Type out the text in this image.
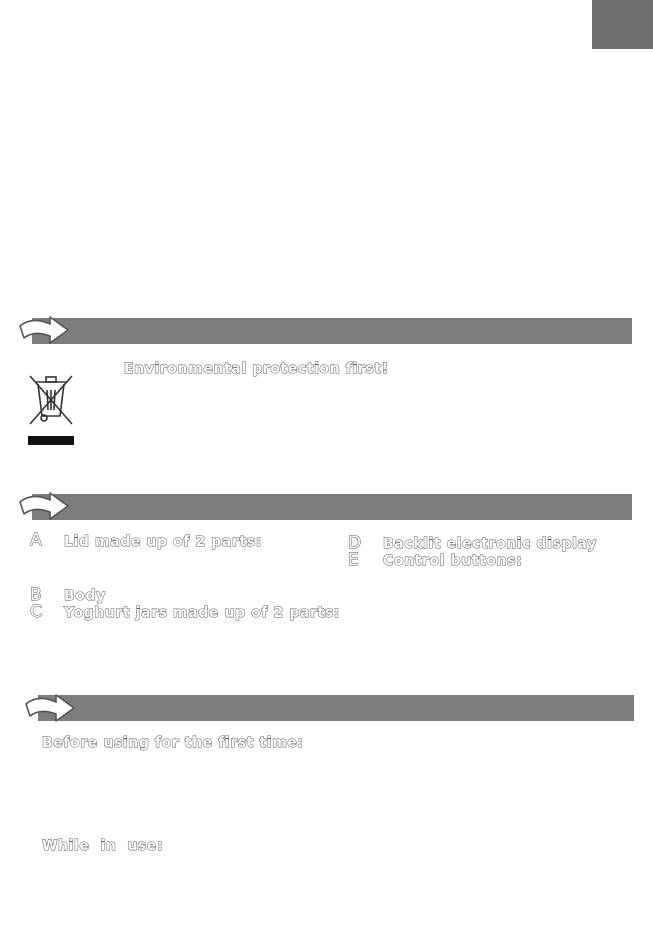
Environmental protection first!
A Lid made up of 2 parts:
B Body
C Yoghurt jars made up of 2 parts:
D Backlit electronic display
E Control buttons:
Before using for the first time:
While  in  use:
